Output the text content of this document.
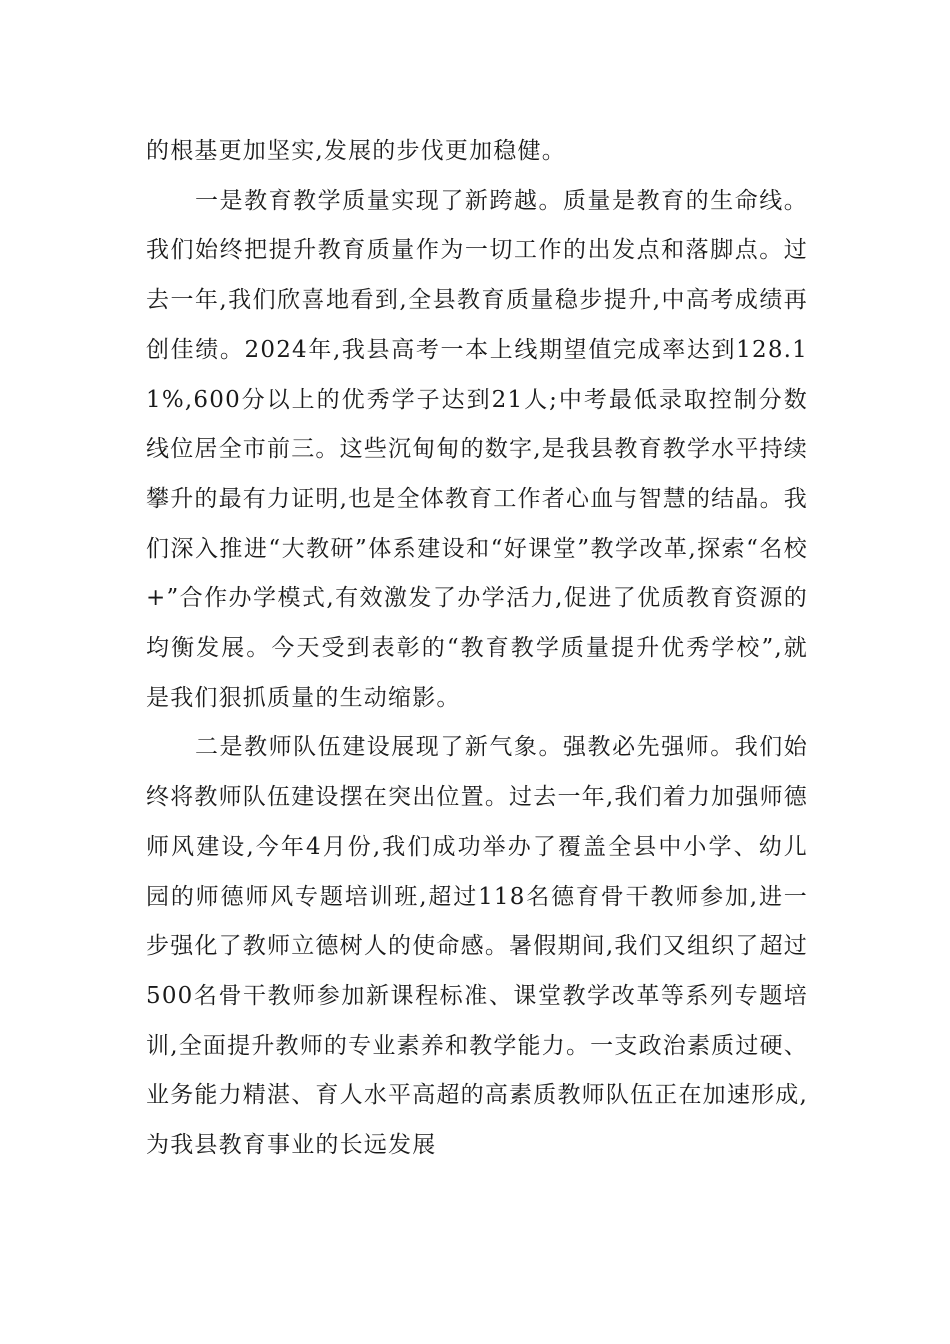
的根基更加坚实,发展的步伐更加稳健。

一是教育教学质量实现了新跨越。质量是教育的生命线。我们始终把提升教育质量作为一切工作的出发点和落脚点。过去一年,我们欣喜地看到,全县教育质量稳步提升,中高考成绩再创佳绩。2024年,我县高考一本上线期望值完成率达到128.11%,600分以上的优秀学子达到21人;中考最低录取控制分数线位居全市前三。这些沉甸甸的数字,是我县教育教学水平持续攀升的最有力证明,也是全体教育工作者心血与智慧的结晶。我们深入推进“大教研”体系建设和“好课堂”教学改革,探索“名校+”合作办学模式,有效激发了办学活力,促进了优质教育资源的均衡发展。今天受到表彰的“教育教学质量提升优秀学校”,就是我们狠抓质量的生动缩影。

二是教师队伍建设展现了新气象。强教必先强师。我们始终将教师队伍建设摆在突出位置。过去一年,我们着力加强师德师风建设,今年4月份,我们成功举办了覆盖全县中小学、幼儿园的师德师风专题培训班,超过118名德育骨干教师参加,进一步强化了教师立德树人的使命感。暑假期间,我们又组织了超过500名骨干教师参加新课程标准、课堂教学改革等系列专题培训,全面提升教师的专业素养和教学能力。一支政治素质过硬、业务能力精湛、育人水平高超的高素质教师队伍正在加速形成,为我县教育事业的长远发展
